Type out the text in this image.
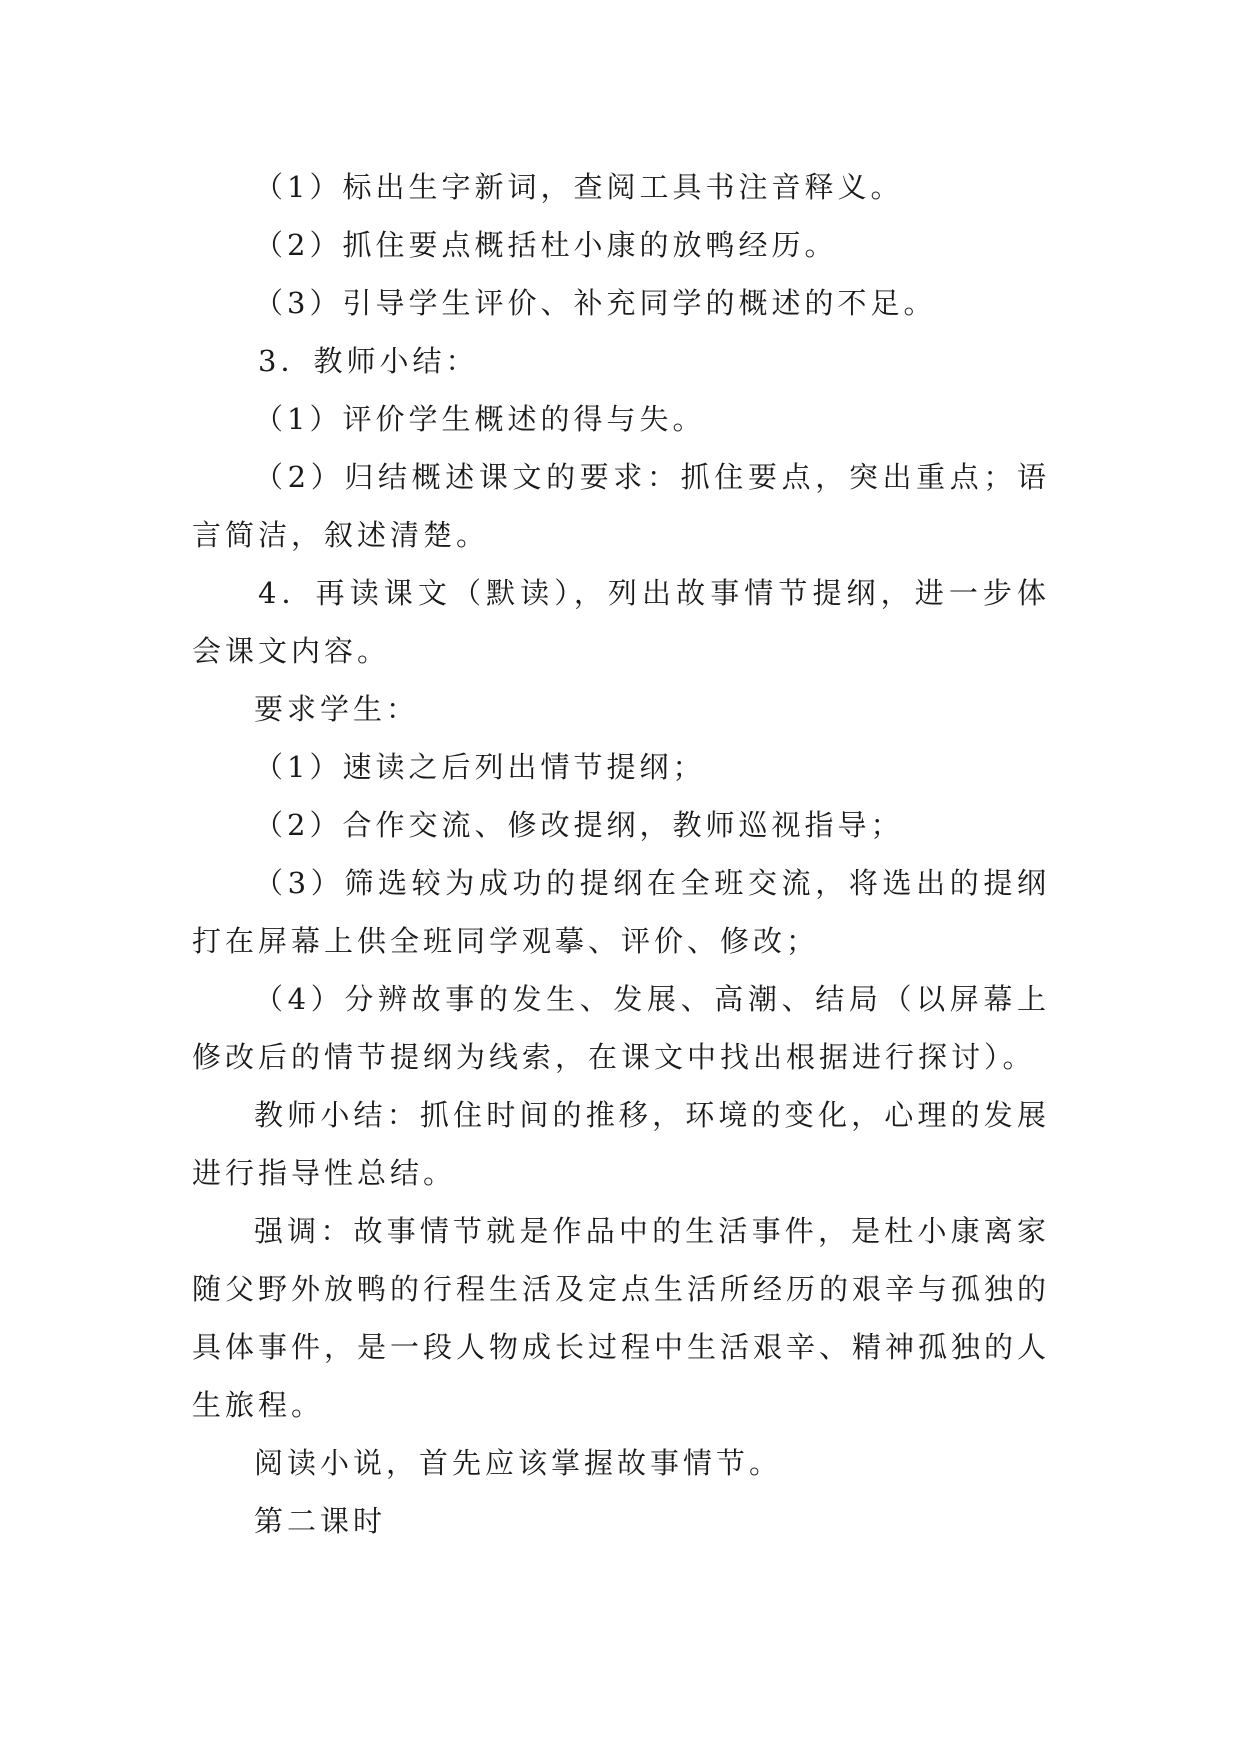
（1）标出生字新词，查阅工具书注音释义。

（2）抓住要点概括杜小康的放鸭经历。

（3）引导学生评价、补充同学的概述的不足。

3．教师小结：

（1）评价学生概述的得与失。

（2）归结概述课文的要求：抓住要点，突出重点；语言简洁，叙述清楚。

4．再读课文（默读），列出故事情节提纲，进一步体会课文内容。

要求学生：

（1）速读之后列出情节提纲；

（2）合作交流、修改提纲，教师巡视指导；

（3）筛选较为成功的提纲在全班交流，将选出的提纲打在屏幕上供全班同学观摹、评价、修改；

（4）分辨故事的发生、发展、高潮、结局（以屏幕上修改后的情节提纲为线索，在课文中找出根据进行探讨）。

教师小结：抓住时间的推移，环境的变化，心理的发展进行指导性总结。

强调：故事情节就是作品中的生活事件，是杜小康离家随父野外放鸭的行程生活及定点生活所经历的艰辛与孤独的具体事件，是一段人物成长过程中生活艰辛、精神孤独的人生旅程。

阅读小说，首先应该掌握故事情节。

第二课时
